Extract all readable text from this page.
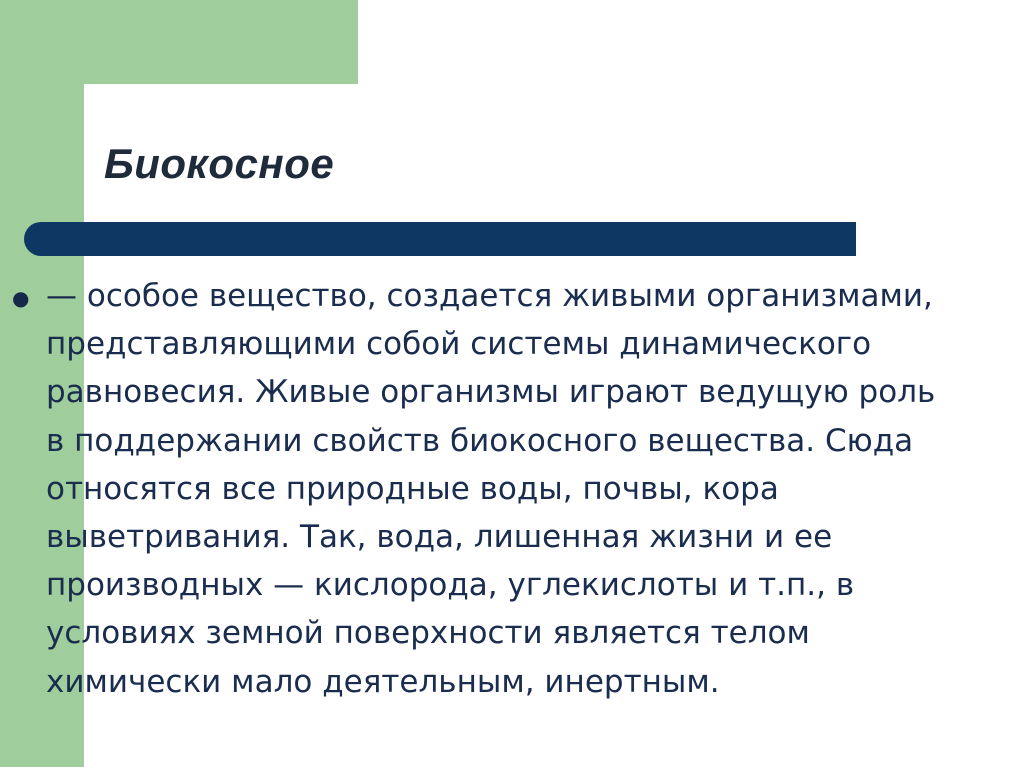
Биокосное
● — особое вещество, создается живыми организмами,
представляющими собой системы динамического
равновесия. Живые организмы играют ведущую роль
в поддержании свойств биокосного вещества. Сюда
относятся все природные воды, почвы, кора
выветривания. Так, вода, лишенная жизни и ее
производных — кислорода, углекислоты и т.п., в
условиях земной поверхности является телом
химически мало деятельным, инертным.
